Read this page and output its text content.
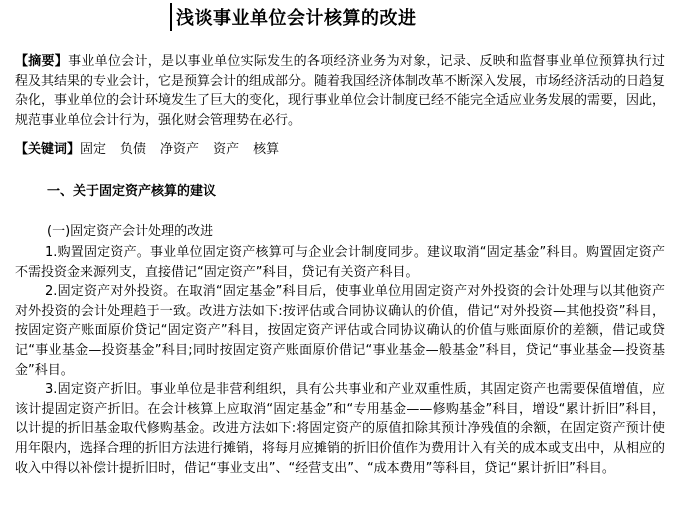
浅谈事业单位会计核算的改进
【摘要】事业单位会计，是以事业单位实际发生的各项经济业务为对象，记录、反映和监督事业单位预算执行过程及其结果的专业会计，它是预算会计的组成部分。随着我国经济体制改革不断深入发展，市场经济活动的日趋复杂化，事业单位的会计环境发生了巨大的变化，现行事业单位会计制度已经不能完全适应业务发展的需要，因此，规范事业单位会计行为，强化财会管理势在必行。
【关键词】固定 负债 净资产 资产 核算
一、关于固定资产核算的建议
(一)固定资产会计处理的改进

1.购置固定资产。事业单位固定资产核算可与企业会计制度同步。建议取消“固定基金”科目。购置固定资产不需投资金来源列支，直接借记“固定资产”科目，贷记有关资产科目。

2.固定资产对外投资。在取消“固定基金”科目后，使事业单位用固定资产对外投资的会计处理与以其他资产对外投资的会计处理趋于一致。改进方法如下:按评估或合同协议确认的价值，借记“对外投资—其他投资”科目，按固定资产账面原价贷记“固定资产”科目，按固定资产评估或合同协议确认的价值与账面原价的差额，借记或贷记“事业基金—投资基金”科目;同时按固定资产账面原价借记“事业基金—般基金”科目，贷记“事业基金—投资基金”科目。

3.固定资产折旧。事业单位是非营利组织，具有公共事业和产业双重性质，其固定资产也需要保值增值，应该计提固定资产折旧。在会计核算上应取消“固定基金”和“专用基金——修购基金”科目，增设“累计折旧”科目，以计提的折旧基金取代修购基金。改进方法如下:将固定资产的原值扣除其预计净残值的余额，在固定资产预计使用年限内，选择合理的折旧方法进行摊销，将每月应摊销的折旧价值作为费用计入有关的成本或支出中，从相应的收入中得以补偿计提折旧时，借记“事业支出”、“经营支出”、“成本费用”等科目，贷记“累计折旧”科目。
